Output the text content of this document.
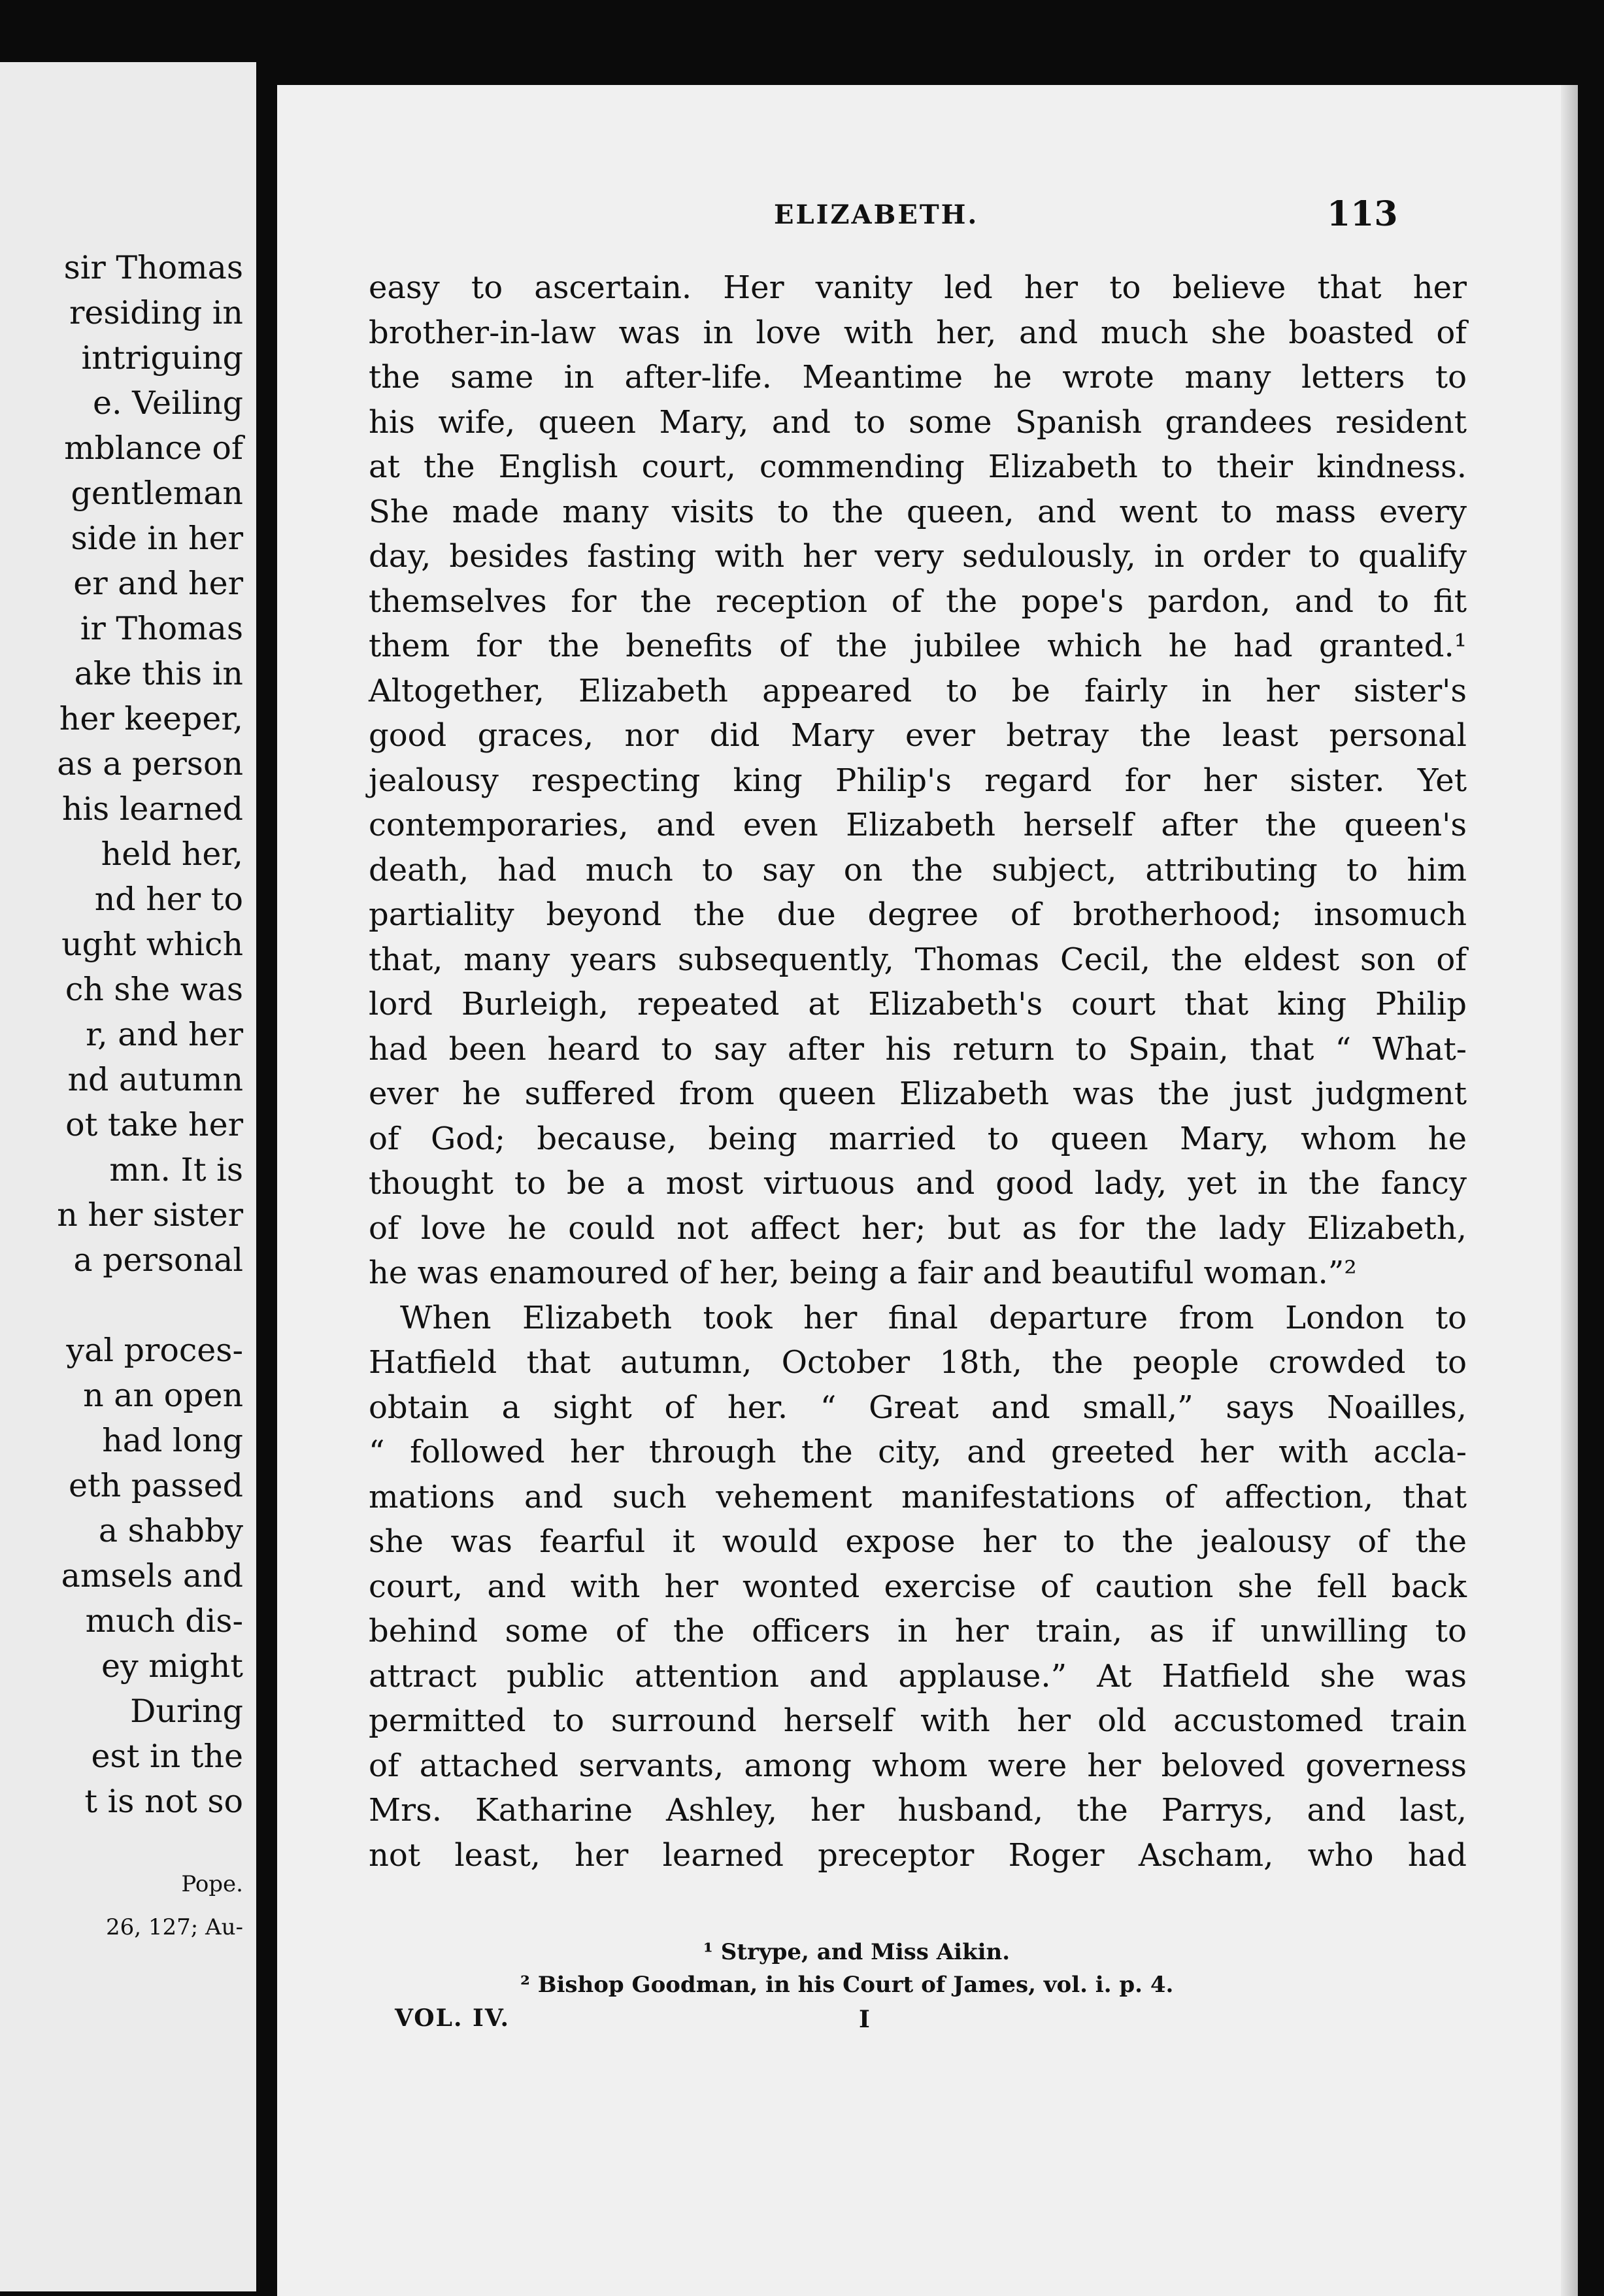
sir Thomas
residing in
intriguing
e. Veiling
mblance of
gentleman
side in her
er and her
ir Thomas
ake this in
her keeper,
as a person
his learned
held her,
nd her to
ught which
ch she was
r, and her
nd autumn
ot take her
mn. It is
n her sister
a personal
yal proces-
n an open
had long
eth passed
a shabby
amsels and
much dis-
ey might
During
est in the
t is not so
Pope.
26, 127; Au-
ELIZABETH.	113
easy to ascertain. Her vanity led her to believe that her
brother-in-law was in love with her, and much she boasted of
the same in after-life. Meantime he wrote many letters to
his wife, queen Mary, and to some Spanish grandees resident
at the English court, commending Elizabeth to their kindness.
She made many visits to the queen, and went to mass every
day, besides fasting with her very sedulously, in order to qualify
themselves for the reception of the pope's pardon, and to fit
them for the benefits of the jubilee which he had granted.¹
Altogether, Elizabeth appeared to be fairly in her sister's
good graces, nor did Mary ever betray the least personal
jealousy respecting king Philip's regard for her sister. Yet
contemporaries, and even Elizabeth herself after the queen's
death, had much to say on the subject, attributing to him
partiality beyond the due degree of brotherhood; insomuch
that, many years subsequently, Thomas Cecil, the eldest son of
lord Burleigh, repeated at Elizabeth's court that king Philip
had been heard to say after his return to Spain, that “ What-
ever he suffered from queen Elizabeth was the just judgment
of God; because, being married to queen Mary, whom he
thought to be a most virtuous and good lady, yet in the fancy
of love he could not affect her; but as for the lady Elizabeth,
he was enamoured of her, being a fair and beautiful woman.”²
When Elizabeth took her final departure from London to
Hatfield that autumn, October 18th, the people crowded to
obtain a sight of her. “ Great and small,” says Noailles,
“ followed her through the city, and greeted her with accla-
mations and such vehement manifestations of affection, that
she was fearful it would expose her to the jealousy of the
court, and with her wonted exercise of caution she fell back
behind some of the officers in her train, as if unwilling to
attract public attention and applause.” At Hatfield she was
permitted to surround herself with her old accustomed train
of attached servants, among whom were her beloved governess
Mrs. Katharine Ashley, her husband, the Parrys, and last,
not least, her learned preceptor Roger Ascham, who had
¹ Strype, and Miss Aikin.
² Bishop Goodman, in his Court of James, vol. i. p. 4.
VOL. IV.	I
